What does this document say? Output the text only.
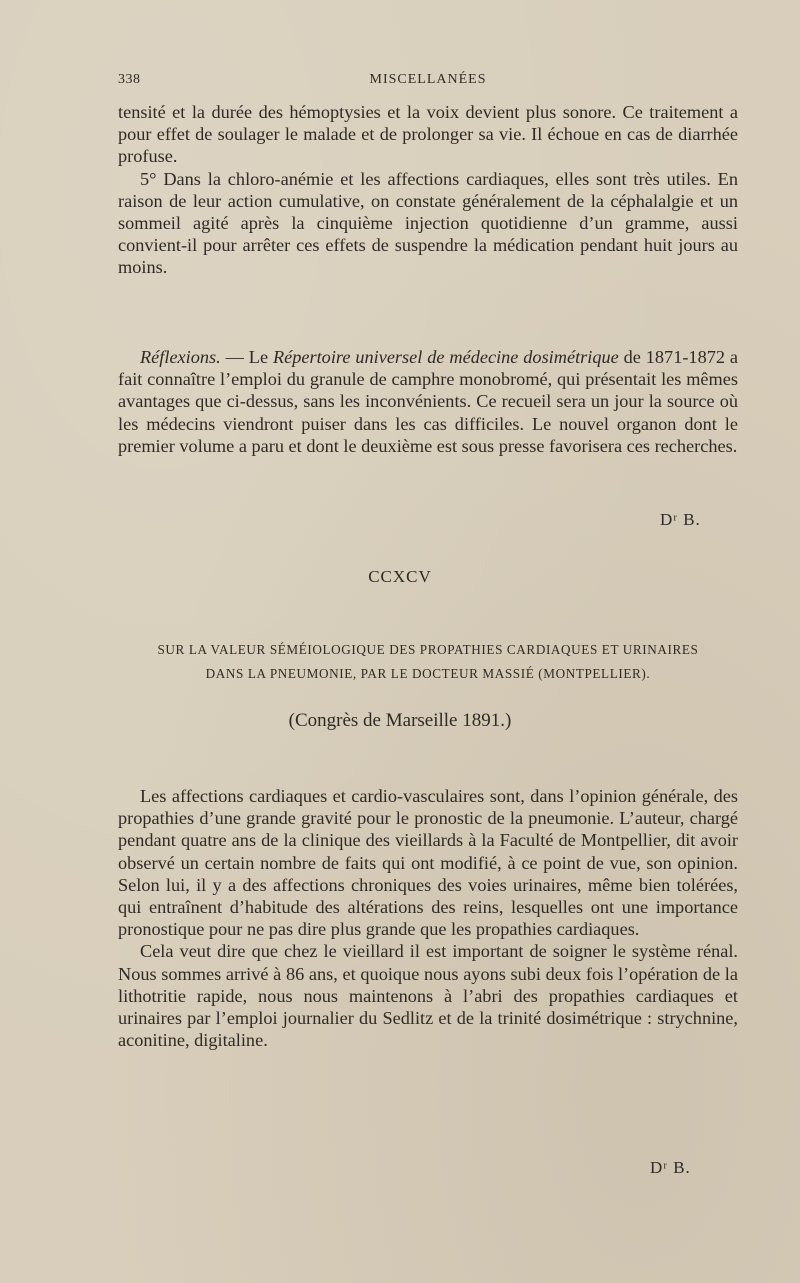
338	MISCELLANÉES

tensité et la durée des hémoptysies et la voix devient plus sonore. Ce traitement a pour effet de soulager le malade et de prolonger sa vie. Il échoue en cas de diarrhée profuse.

5° Dans la chloro-anémie et les affections cardiaques, elles sont très utiles. En raison de leur action cumulative, on constate généralement de la céphalalgie et un sommeil agité après la cinquième injection quotidienne d’un gramme, aussi convient-il pour arrêter ces effets de suspendre la médication pendant huit jours au moins.

Réflexions. — Le Répertoire universel de médecine dosimétrique de 1871-1872 a fait connaître l’emploi du granule de camphre monobromé, qui présentait les mêmes avantages que ci-dessus, sans les inconvénients. Ce recueil sera un jour la source où les médecins viendront puiser dans les cas difficiles. Le nouvel organon dont le premier volume a paru et dont le deuxième est sous presse favorisera ces recherches.

Dʳ B.
CCXCV
SUR LA VALEUR SÉMÉIOLOGIQUE DES PROPATHIES CARDIAQUES ET URINAIRES
DANS LA PNEUMONIE, PAR LE DOCTEUR MASSIÉ (MONTPELLIER).
(Congrès de Marseille 1891.)

Les affections cardiaques et cardio-vasculaires sont, dans l’opinion générale, des propathies d’une grande gravité pour le pronostic de la pneumonie. L’auteur, chargé pendant quatre ans de la clinique des vieillards à la Faculté de Montpellier, dit avoir observé un certain nombre de faits qui ont modifié, à ce point de vue, son opinion. Selon lui, il y a des affections chroniques des voies urinaires, même bien tolérées, qui entraînent d’habitude des altérations des reins, lesquelles ont une importance pronostique pour ne pas dire plus grande que les propathies cardiaques.

Cela veut dire que chez le vieillard il est important de soigner le système rénal. Nous sommes arrivé à 86 ans, et quoique nous ayons subi deux fois l’opération de la lithotritie rapide, nous nous maintenons à l’abri des propathies cardiaques et urinaires par l’emploi journalier du Sedlitz et de la trinité dosimétrique : strychnine, aconitine, digitaline.

Dʳ B.
